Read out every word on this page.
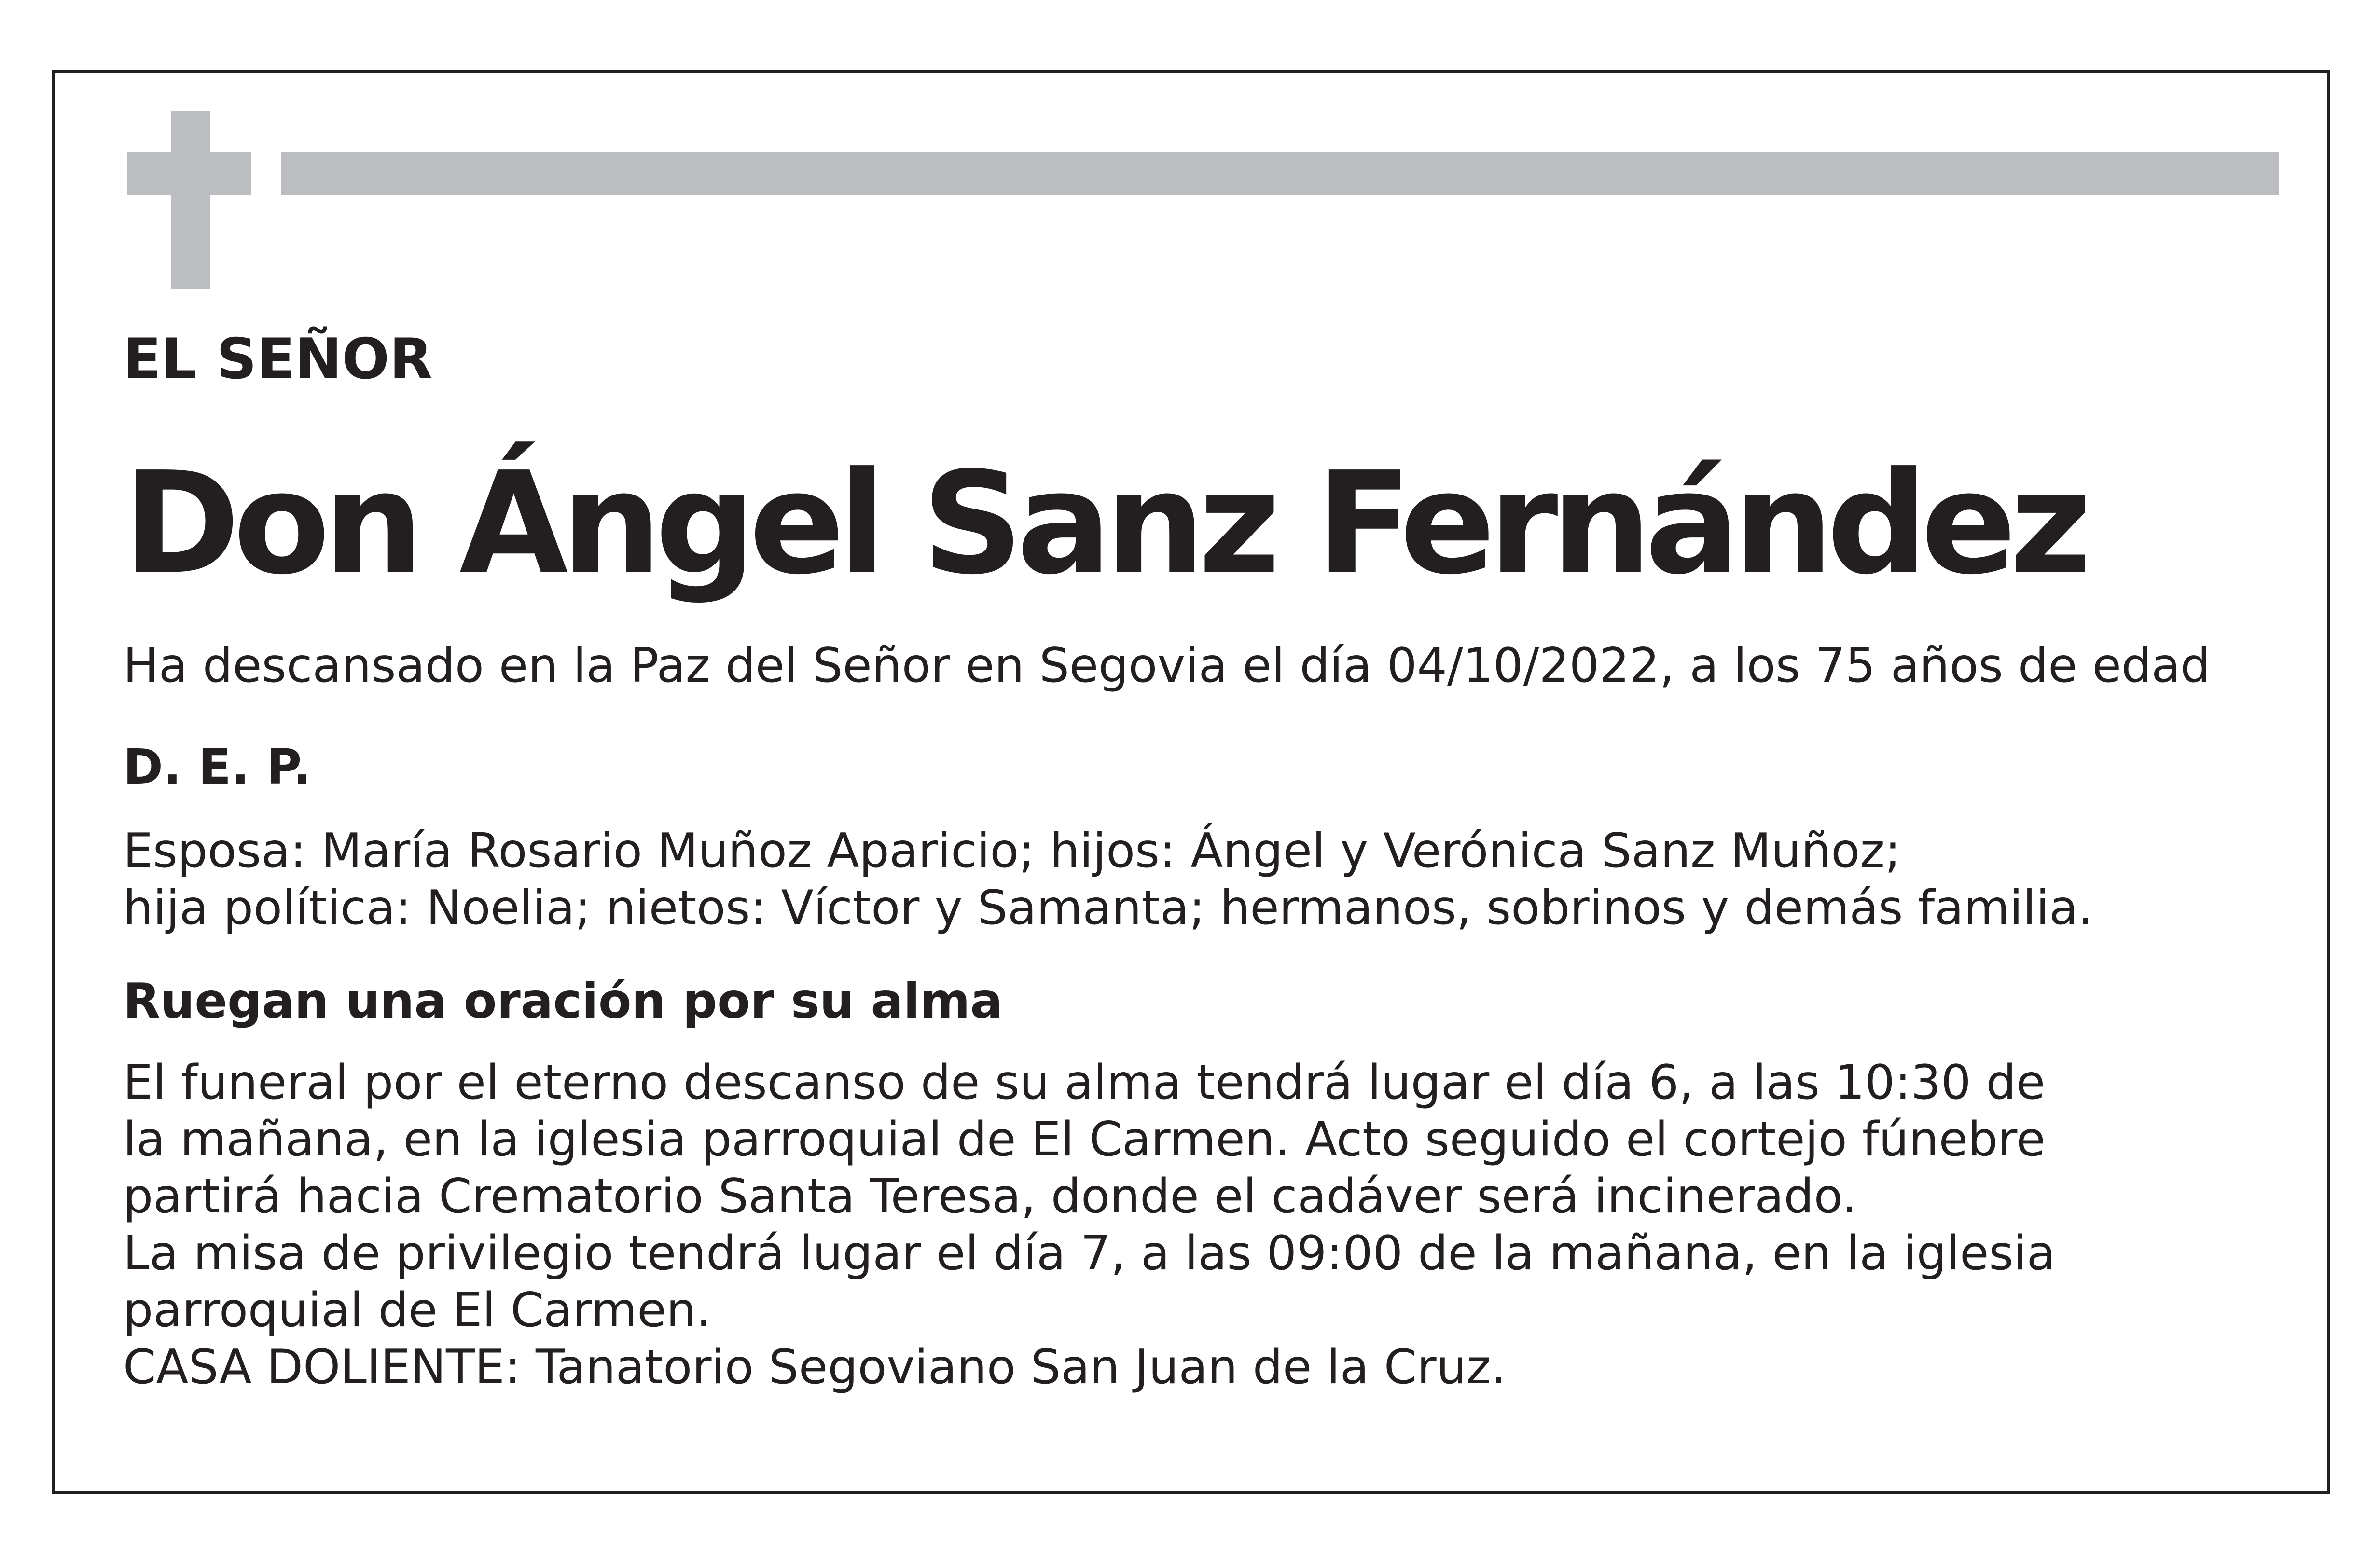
EL SEÑOR

Don Ángel Sanz Fernández

Ha descansado en la Paz del Señor en Segovia el día 04/10/2022, a los 75 años de edad

D. E. P.

Esposa: María Rosario Muñoz Aparicio; hijos: Ángel y Verónica Sanz Muñoz;
hija política: Noelia; nietos: Víctor y Samanta; hermanos, sobrinos y demás familia.

Ruegan una oración por su alma

El funeral por el eterno descanso de su alma tendrá lugar el día 6, a las 10:30 de
la mañana, en la iglesia parroquial de El Carmen. Acto seguido el cortejo fúnebre
partirá hacia Crematorio Santa Teresa, donde el cadáver será incinerado.
La misa de privilegio tendrá lugar el día 7, a las 09:00 de la mañana, en la iglesia
parroquial de El Carmen.
CASA DOLIENTE: Tanatorio Segoviano San Juan de la Cruz.
